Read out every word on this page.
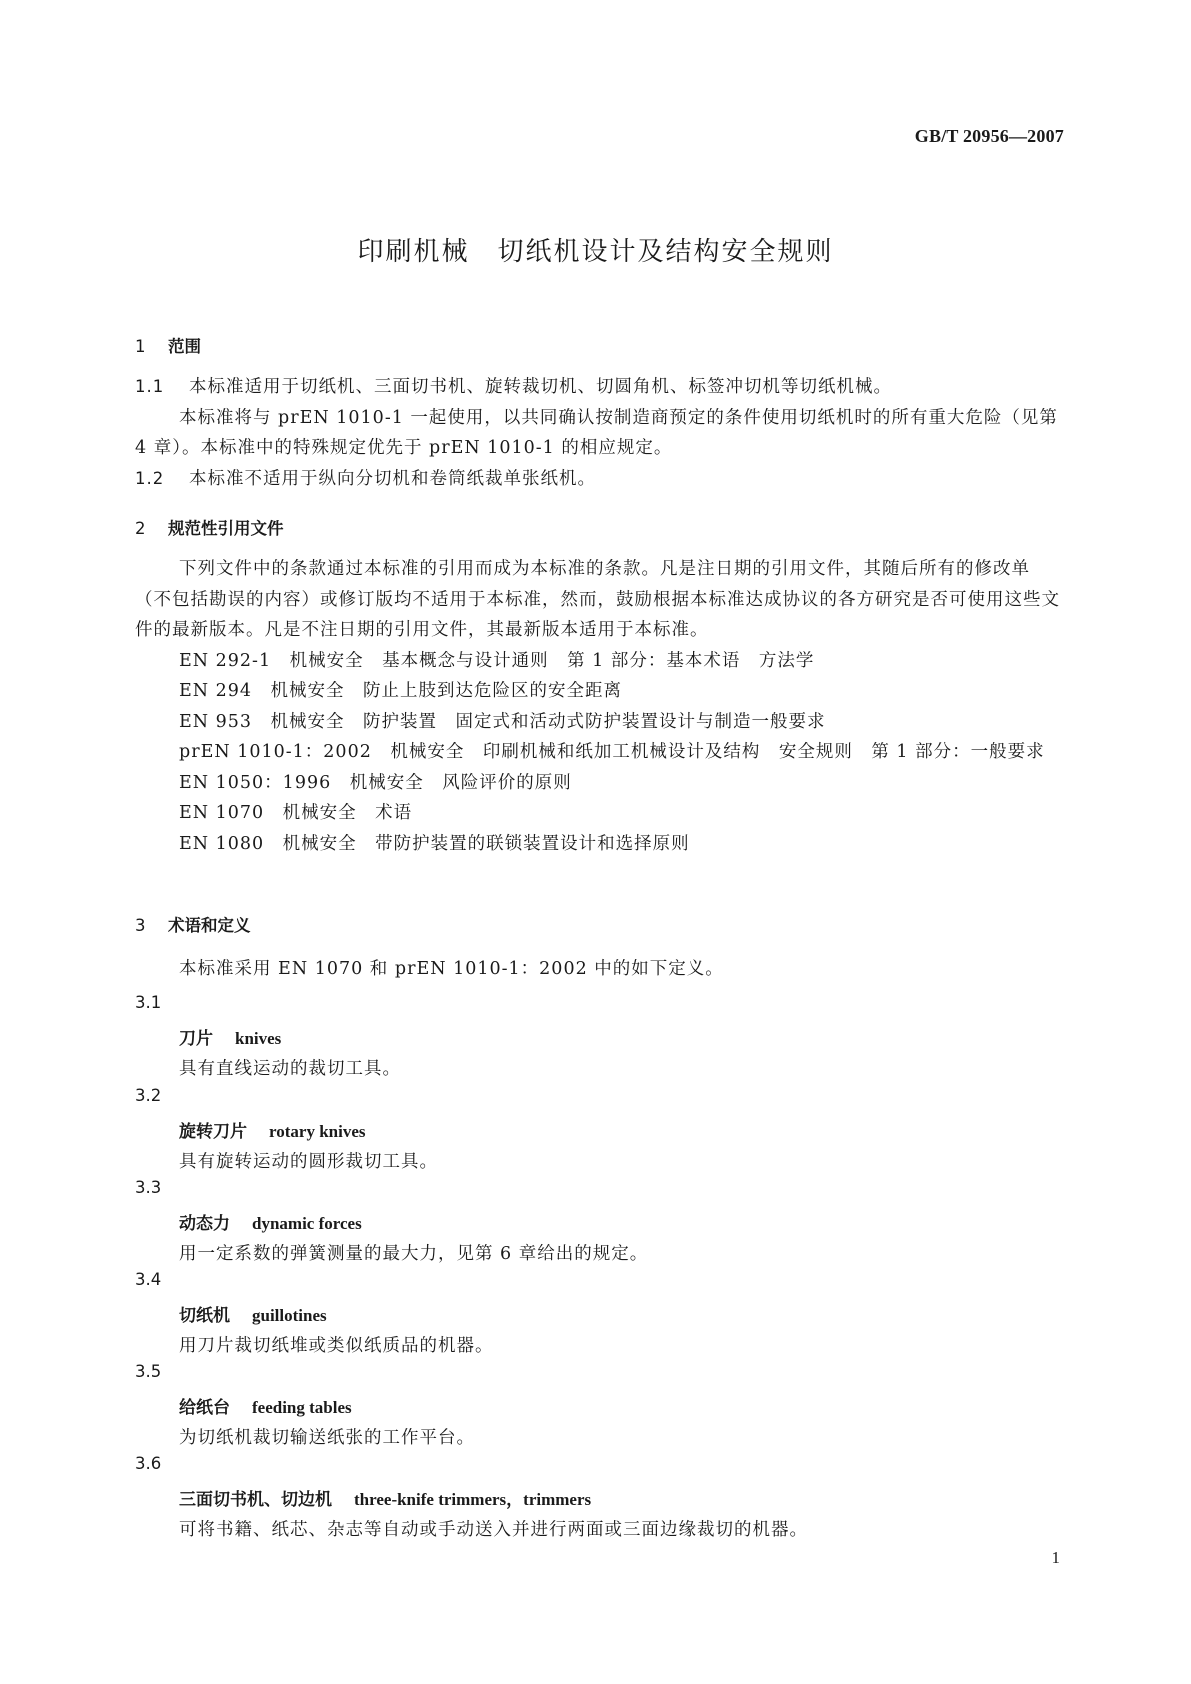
GB/T 20956—2007
印刷机械　切纸机设计及结构安全规则
1 范围

1.1 本标准适用于切纸机、三面切书机、旋转裁切机、切圆角机、标签冲切机等切纸机械。

本标准将与 prEN 1010-1 一起使用，以共同确认按制造商预定的条件使用切纸机时的所有重大危险（见第 4 章）。本标准中的特殊规定优先于 prEN 1010-1 的相应规定。

1.2 本标准不适用于纵向分切机和卷筒纸裁单张纸机。

2 规范性引用文件

下列文件中的条款通过本标准的引用而成为本标准的条款。凡是注日期的引用文件，其随后所有的修改单（不包括勘误的内容）或修订版均不适用于本标准，然而，鼓励根据本标准达成协议的各方研究是否可使用这些文件的最新版本。凡是不注日期的引用文件，其最新版本适用于本标准。

EN 292-1　机械安全　基本概念与设计通则　第 1 部分：基本术语　方法学

EN 294　机械安全　防止上肢到达危险区的安全距离

EN 953　机械安全　防护装置　固定式和活动式防护装置设计与制造一般要求

prEN 1010-1：2002　机械安全　印刷机械和纸加工机械设计及结构　安全规则　第 1 部分：一般要求

EN 1050：1996　机械安全　风险评价的原则

EN 1070　机械安全　术语

EN 1080　机械安全　带防护装置的联锁装置设计和选择原则

3 术语和定义

本标准采用 EN 1070 和 prEN 1010-1：2002 中的如下定义。

3.1
刀片 knives
具有直线运动的裁切工具。
3.2
旋转刀片 rotary knives
具有旋转运动的圆形裁切工具。
3.3
动态力 dynamic forces
用一定系数的弹簧测量的最大力，见第 6 章给出的规定。
3.4
切纸机 guillotines
用刀片裁切纸堆或类似纸质品的机器。
3.5
给纸台 feeding tables
为切纸机裁切输送纸张的工作平台。
3.6
三面切书机、切边机 three-knife trimmers，trimmers
可将书籍、纸芯、杂志等自动或手动送入并进行两面或三面边缘裁切的机器。
1
